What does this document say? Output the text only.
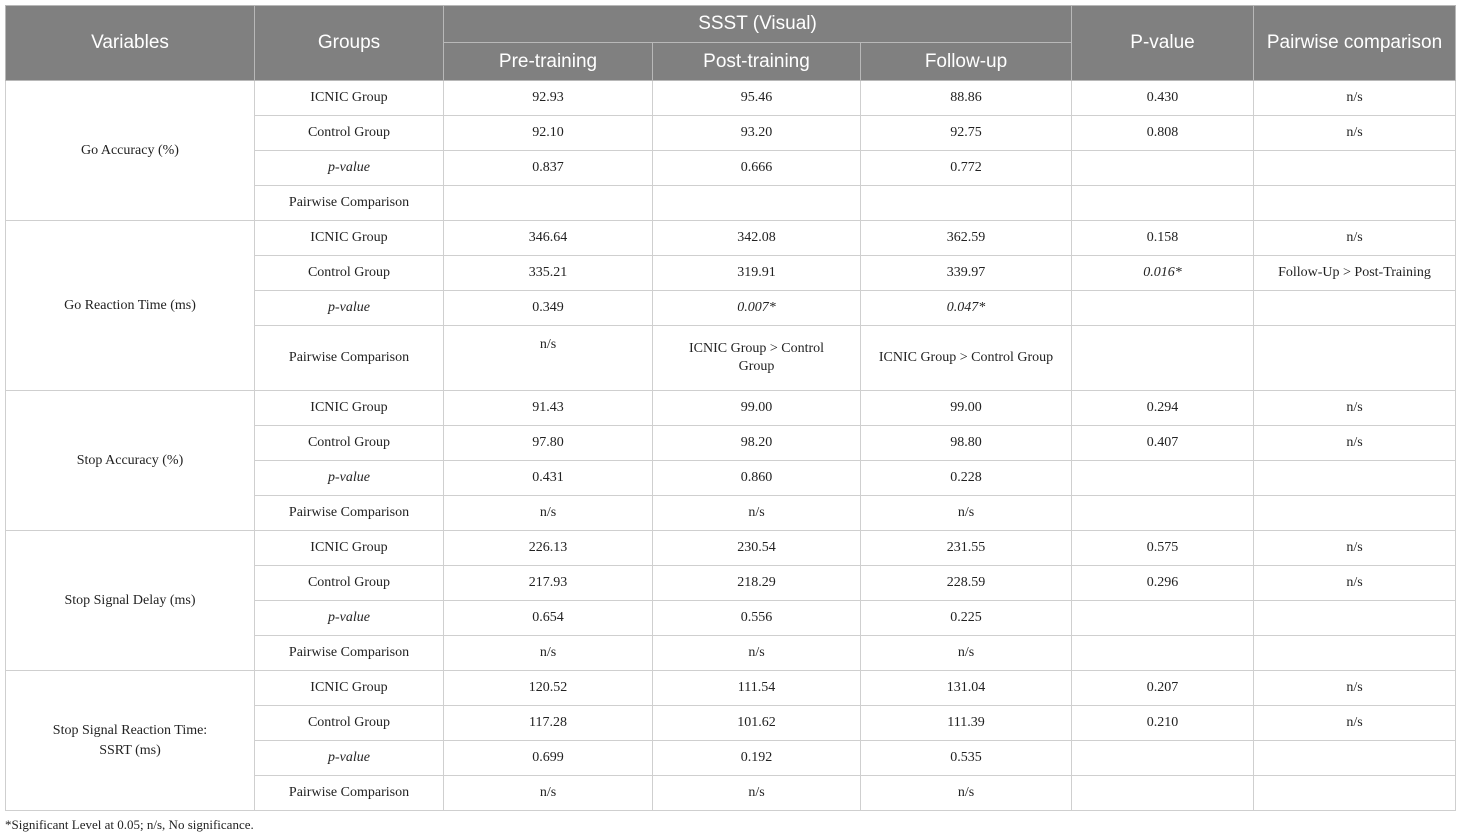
Variables	Groups	SSST (Visual)			P-value	Pairwise comparison
		Pre-training	Post-training	Follow-up		
Go Accuracy (%)	ICNIC Group	92.93	95.46	88.86	0.430	n/s
	Control Group	92.10	93.20	92.75	0.808	n/s
	p-value	0.837	0.666	0.772		
	Pairwise Comparison					
Go Reaction Time (ms)	ICNIC Group	346.64	342.08	362.59	0.158	n/s
	Control Group	335.21	319.91	339.97	0.016*	Follow-Up > Post-Training
	p-value	0.349	0.007*	0.047*		
	Pairwise Comparison	n/s	ICNIC Group > Control Group	ICNIC Group > Control Group		
Stop Accuracy (%)	ICNIC Group	91.43	99.00	99.00	0.294	n/s
	Control Group	97.80	98.20	98.80	0.407	n/s
	p-value	0.431	0.860	0.228		
	Pairwise Comparison	n/s	n/s	n/s		
Stop Signal Delay (ms)	ICNIC Group	226.13	230.54	231.55	0.575	n/s
	Control Group	217.93	218.29	228.59	0.296	n/s
	p-value	0.654	0.556	0.225		
	Pairwise Comparison	n/s	n/s	n/s		
Stop Signal Reaction Time: SSRT (ms)	ICNIC Group	120.52	111.54	131.04	0.207	n/s
	Control Group	117.28	101.62	111.39	0.210	n/s
	p-value	0.699	0.192	0.535		
	Pairwise Comparison	n/s	n/s	n/s		
*Significant Level at 0.05; n/s, No significance.
